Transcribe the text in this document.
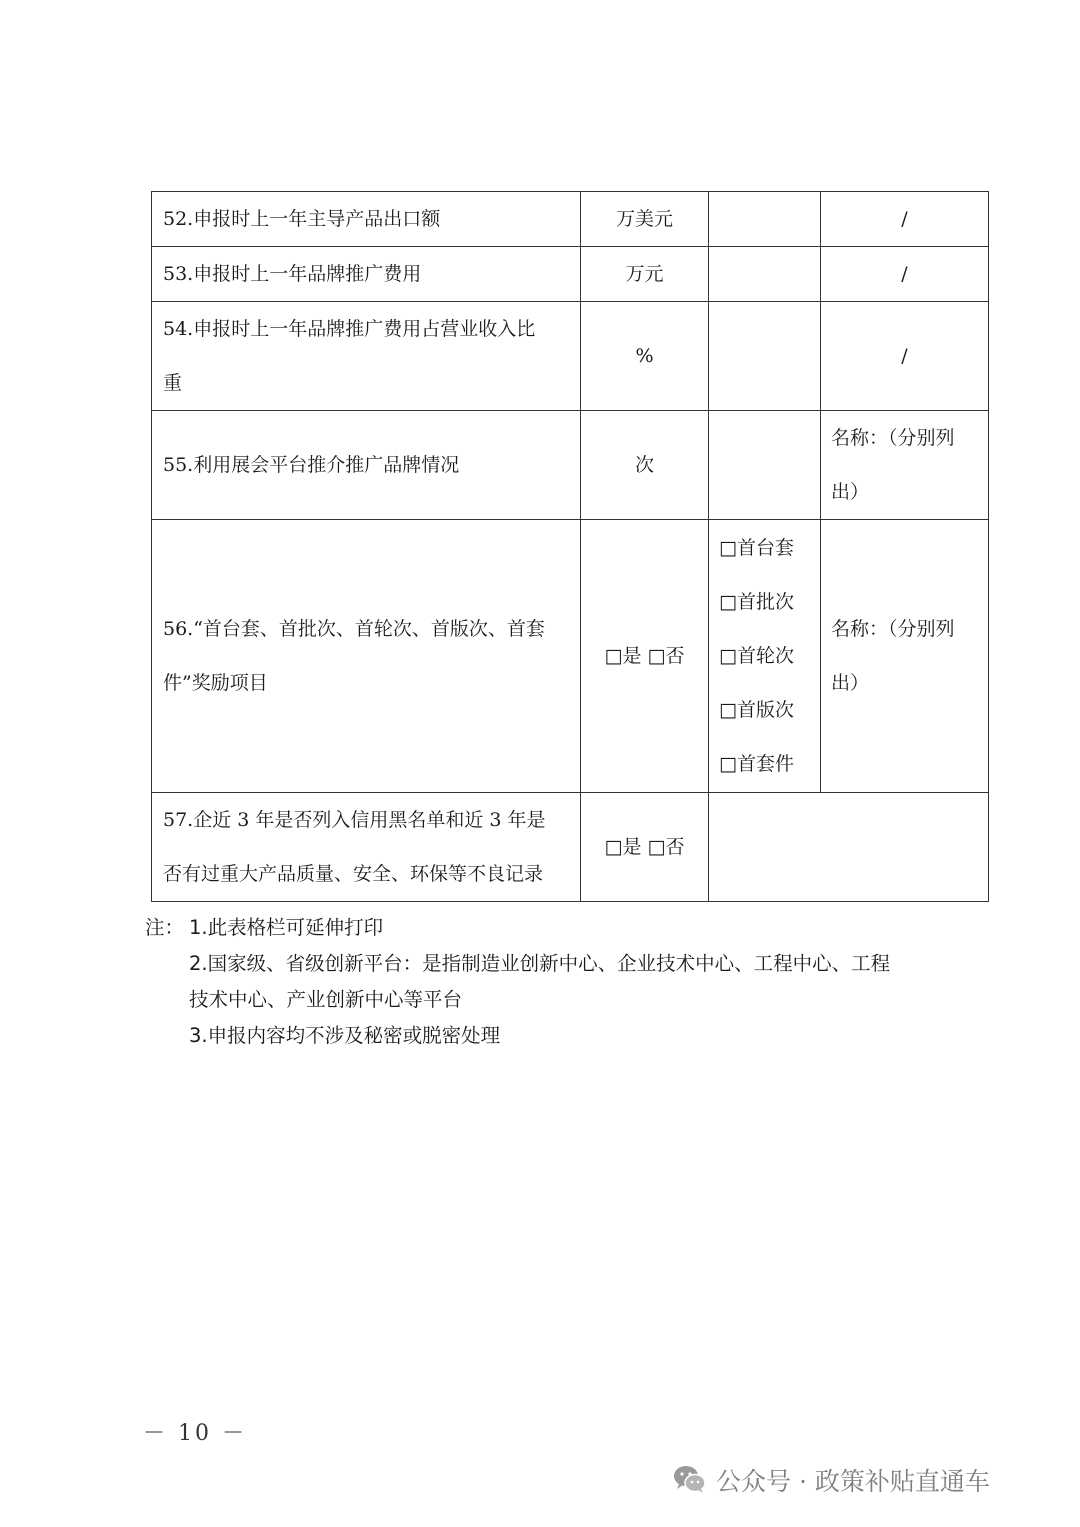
52.申报时上一年主导产品出口额	万美元		/
53.申报时上一年品牌推广费用	万元		/

54.申报时上一年品牌推广费用占营业收入比
重	%		/
55.利用展会平台推介推广品牌情况	次		名称：（分别列
出）

56.“首台套、首批次、首轮次、首版次、首套
件”奖励项目	□是 □否	□首台套
□首批次
□首轮次
□首版次
□首套件	名称：（分别列
出）

57.企近 3 年是否列入信用黑名单和近 3 年是
否有过重大产品质量、安全、环保等不良记录	□是 □否		
注： 1.此表格栏可延伸打印
2.国家级、省级创新平台：是指制造业创新中心、企业技术中心、工程中心、工程
技术中心、产业创新中心等平台
3.申报内容均不涉及秘密或脱密处理
－ 10 －
公众号 · 政策补贴直通车
